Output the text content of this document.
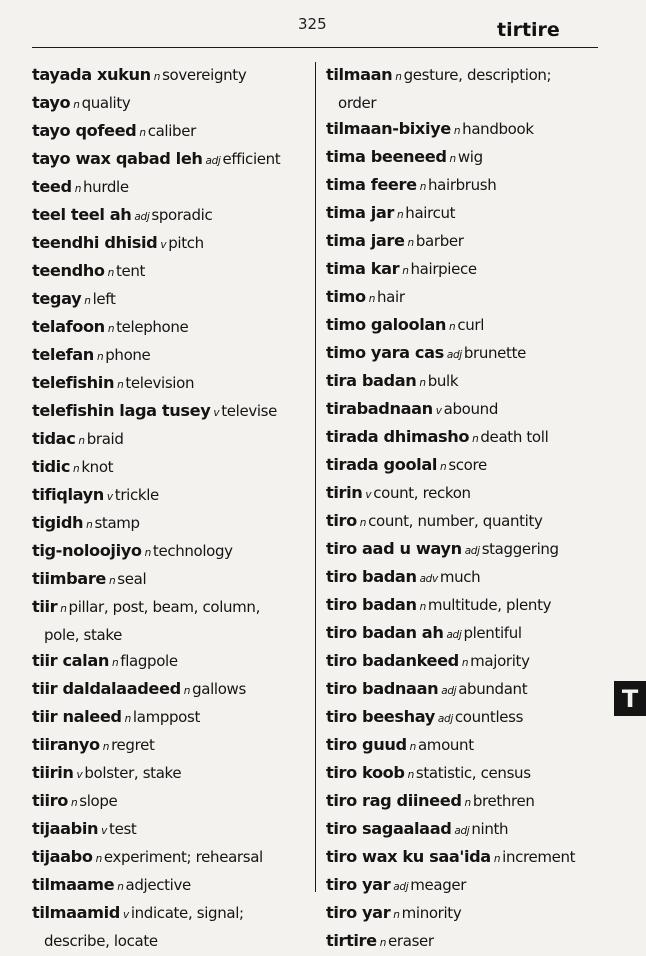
325	tirtire
tayada xukun n sovereignty
tayo n quality
tayo qofeed n caliber
tayo wax qabad leh adj efficient
teed n hurdle
teel teel ah adj sporadic
teendhi dhisid v pitch
teendho n tent
tegay n left
telafoon n telephone
telefan n phone
telefishin n television
telefishin laga tusey v televise
tidac n braid
tidic n knot
tifiqlayn v trickle
tigidh n stamp
tig-noloojiyo n technology
tiimbare n seal
tiir n pillar, post, beam, column,
pole, stake
tiir calan n flagpole
tiir daldalaadeed n gallows
tiir naleed n lamppost
tiiranyo n regret
tiirin v bolster, stake
tiiro n slope
tijaabin v test
tijaabo n experiment; rehearsal
tilmaame n adjective
tilmaamid v indicate, signal;
describe, locate
tilmaan n gesture, description;
order
tilmaan-bixiye n handbook
tima beeneed n wig
tima feere n hairbrush
tima jar n haircut
tima jare n barber
tima kar n hairpiece
timo n hair
timo galoolan n curl
timo yara cas adj brunette
tira badan n bulk
tirabadnaan v abound
tirada dhimasho n death toll
tirada goolal n score
tirin v count, reckon
tiro n count, number, quantity
tiro aad u wayn adj staggering
tiro badan adv much
tiro badan n multitude, plenty
tiro badan ah adj plentiful
tiro badankeed n majority
tiro badnaan adj abundant
tiro beeshay adj countless
tiro guud n amount
tiro koob n statistic, census
tiro rag diineed n brethren
tiro sagaalaad adj ninth
tiro wax ku saa'ida n increment
tiro yar adj meager
tiro yar n minority
tirtire n eraser
T
